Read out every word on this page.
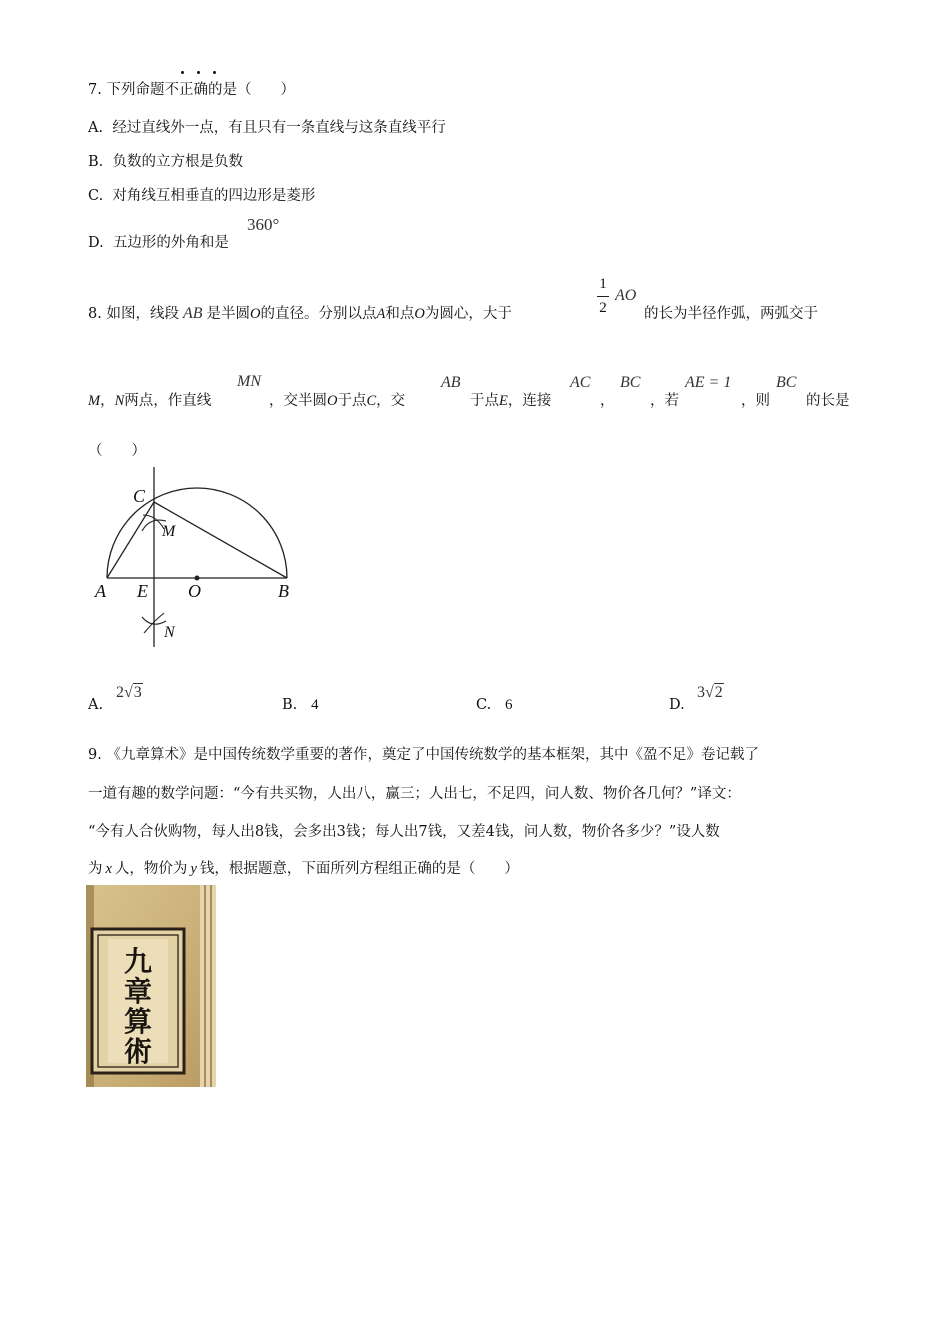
7. 下列命题不正确的是（　　）
A. 经过直线外一点，有且只有一条直线与这条直线平行
B. 负数的立方根是负数
C. 对角线互相垂直的四边形是菱形
D. 五边形的外角和是
360°
8. 如图，线段 AB 是半圆O的直径。分别以点A和点O为圆心，大于
1
2
AO
的长为半径作弧，两弧交于
M，N两点，作直线
MN
，交半圆O于点C，交
AB
于点E，连接
AC
，
BC
，若
AE = 1
，则
BC
的长是
（　　）
C
M
A E O	B
N
A.
2√3
B. 4	C. 6	D.
3√2
9. 《九章算术》是中国传统数学重要的著作，奠定了中国传统数学的基本框架，其中《盈不足》卷记载了
一道有趣的数学问题：“今有共买物，人出八，赢三；人出七，不足四，问人数、物价各几何？”译文：
“今有人合伙购物，每人出8钱，会多出3钱；每人出7钱，又差4钱，问人数，物价各多少？”设人数
为 x 人，物价为 y 钱，根据题意，下面所列方程组正确的是（　　）
九
章
算
術
